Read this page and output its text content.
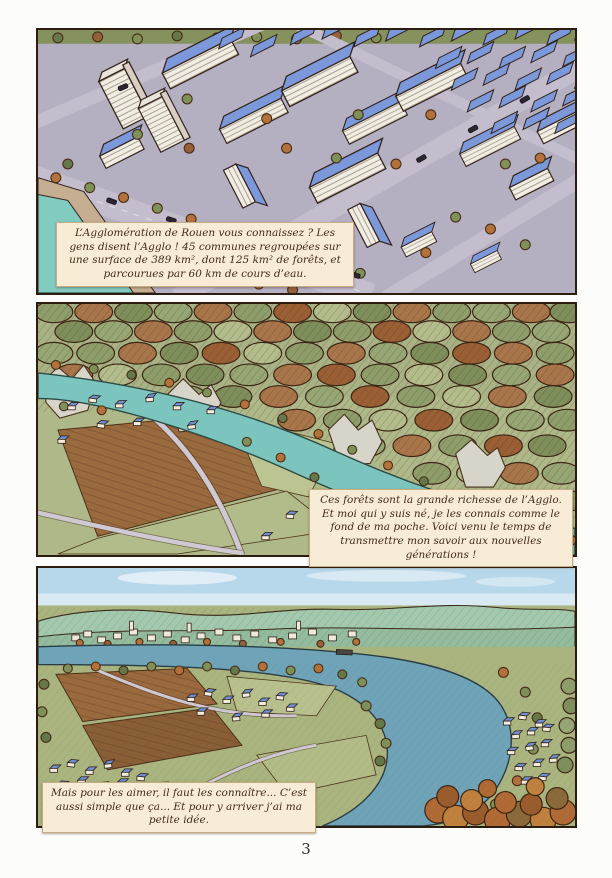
L’Agglomération de Rouen vous connaissez ? Les gens disent l’Agglo ! 45 communes regroupées sur une surface de 389 km², dont 125 km² de forêts, et parcourues par 60 km de cours d’eau.
Ces forêts sont la grande richesse de l’Agglo. Et moi qui y suis né, je les connais comme le fond de ma poche. Voici venu le temps de transmettre mon savoir aux nouvelles générations !
Mais pour les aimer, il faut les connaître... C’est aussi simple que ça... Et pour y arriver j’ai ma petite idée.
3
